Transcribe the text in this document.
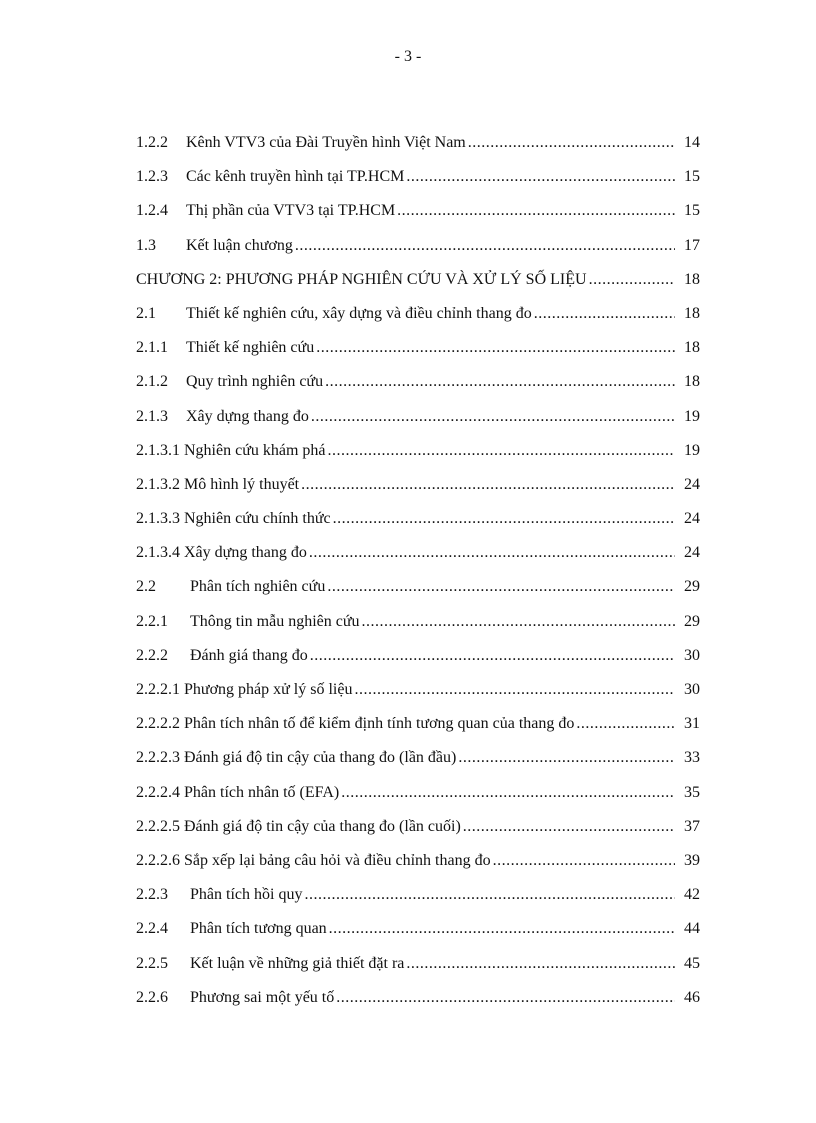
- 3 -
1.2.2	Kênh VTV3 của Đài Truyền hình Việt Nam .....	14
1.2.3	Các kênh truyền hình tại TP.HCM .....	15
1.2.4	Thị phần của VTV3 tại TP.HCM .....	15
1.3	Kết luận chương .....	17
CHƯƠNG 2: PHƯƠNG PHÁP NGHIÊN CỨU VÀ XỬ LÝ SỐ LIỆU .....	18
2.1	Thiết kế nghiên cứu, xây dựng và điều chỉnh thang đo .....	18
2.1.1	Thiết kế nghiên cứu .....	18
2.1.2	Quy trình nghiên cứu .....	18
2.1.3	Xây dựng thang đo .....	19
2.1.3.1 Nghiên cứu khám phá .....	19
2.1.3.2 Mô hình lý thuyết .....	24
2.1.3.3 Nghiên cứu chính thức .....	24
2.1.3.4 Xây dựng thang đo .....	24
2.2	Phân tích nghiên cứu .....	29
2.2.1	Thông tin mẫu nghiên cứu .....	29
2.2.2	Đánh giá thang đo .....	30
2.2.2.1 Phương pháp xử lý số liệu .....	30
2.2.2.2 Phân tích nhân tố để kiểm định tính tương quan của thang đo .....	31
2.2.2.3 Đánh giá độ tin cậy của thang đo (lần đầu) .....	33
2.2.2.4 Phân tích nhân tố (EFA) .....	35
2.2.2.5 Đánh giá độ tin cậy của thang đo (lần cuối) .....	37
2.2.2.6 Sắp xếp lại bảng câu hỏi và điều chỉnh thang đo .....	39
2.2.3	Phân tích hồi quy .....	42
2.2.4	Phân tích tương quan .....	44
2.2.5	Kết luận về những giả thiết đặt ra .....	45
2.2.6	Phương sai một yếu tố .....	46
